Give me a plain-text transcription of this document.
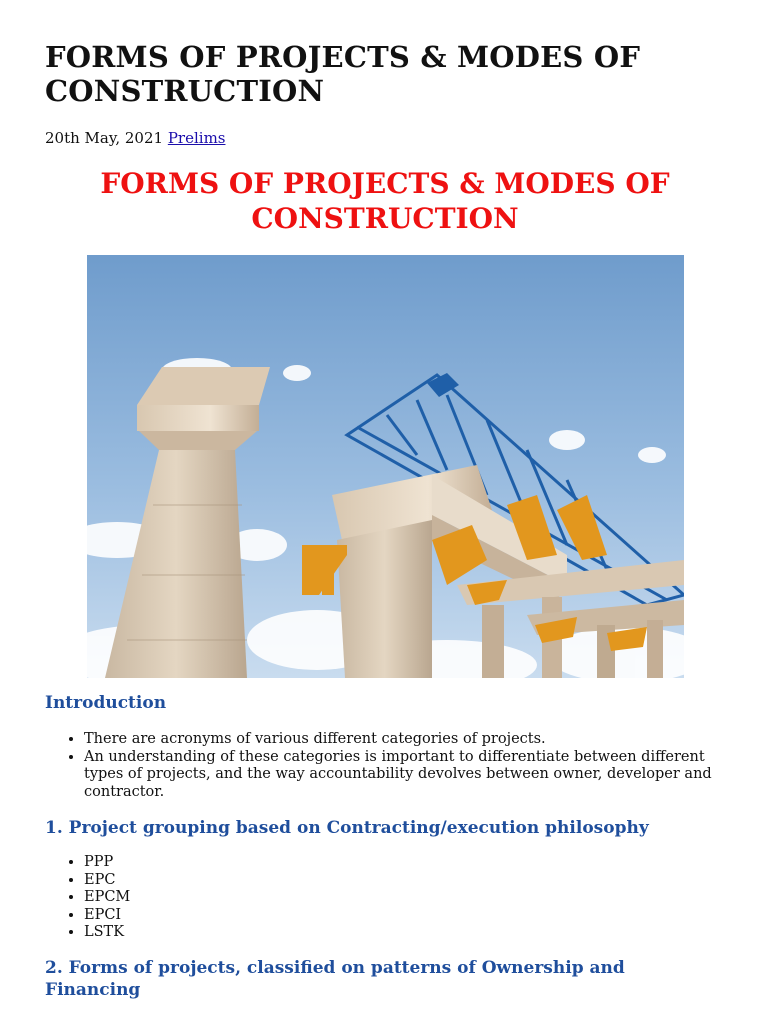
FORMS OF PROJECTS & MODES OF CONSTRUCTION
20th May, 2021 Prelims
FORMS OF PROJECTS & MODES OF CONSTRUCTION
Introduction
• There are acronyms of various different categories of projects.
• An understanding of these categories is important to differentiate between different types of projects, and the way accountability devolves between owner, developer and contractor.
1. Project grouping based on Contracting/execution philosophy
• PPP
• EPC
• EPCM
• EPCI
• LSTK
2. Forms of projects, classified on patterns of Ownership and Financing
